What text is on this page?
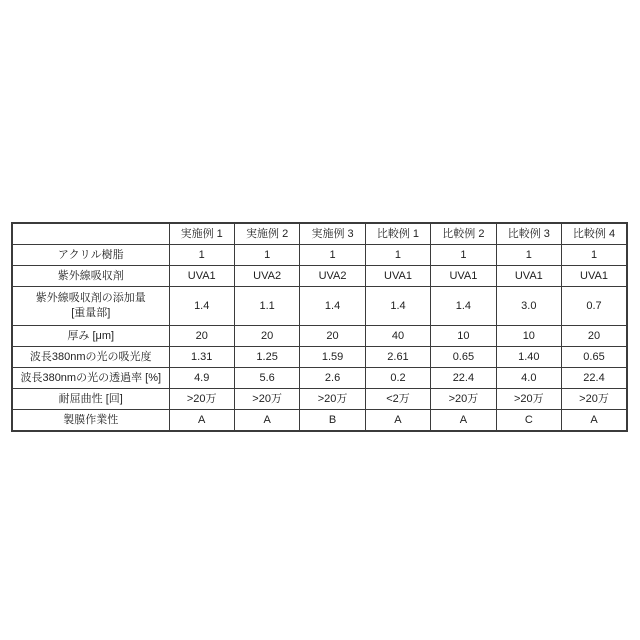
	実施例 1	実施例 2	実施例 3	比較例 1	比較例 2	比較例 3	比較例 4
アクリル樹脂	1	1	1	1	1	1	1
紫外線吸収剤	UVA1	UVA2	UVA2	UVA1	UVA1	UVA1	UVA1
紫外線吸収剤の添加量
[重量部]	1.4	1.1	1.4	1.4	1.4	3.0	0.7
厚み [μm]	20	20	20	40	10	10	20
波長380nmの光の吸光度	1.31	1.25	1.59	2.61	0.65	1.40	0.65
波長380nmの光の透過率 [%]	4.9	5.6	2.6	0.2	22.4	4.0	22.4
耐屈曲性 [回]	>20万	>20万	>20万	<2万	>20万	>20万	>20万
製膜作業性	A	A	B	A	A	C	A
